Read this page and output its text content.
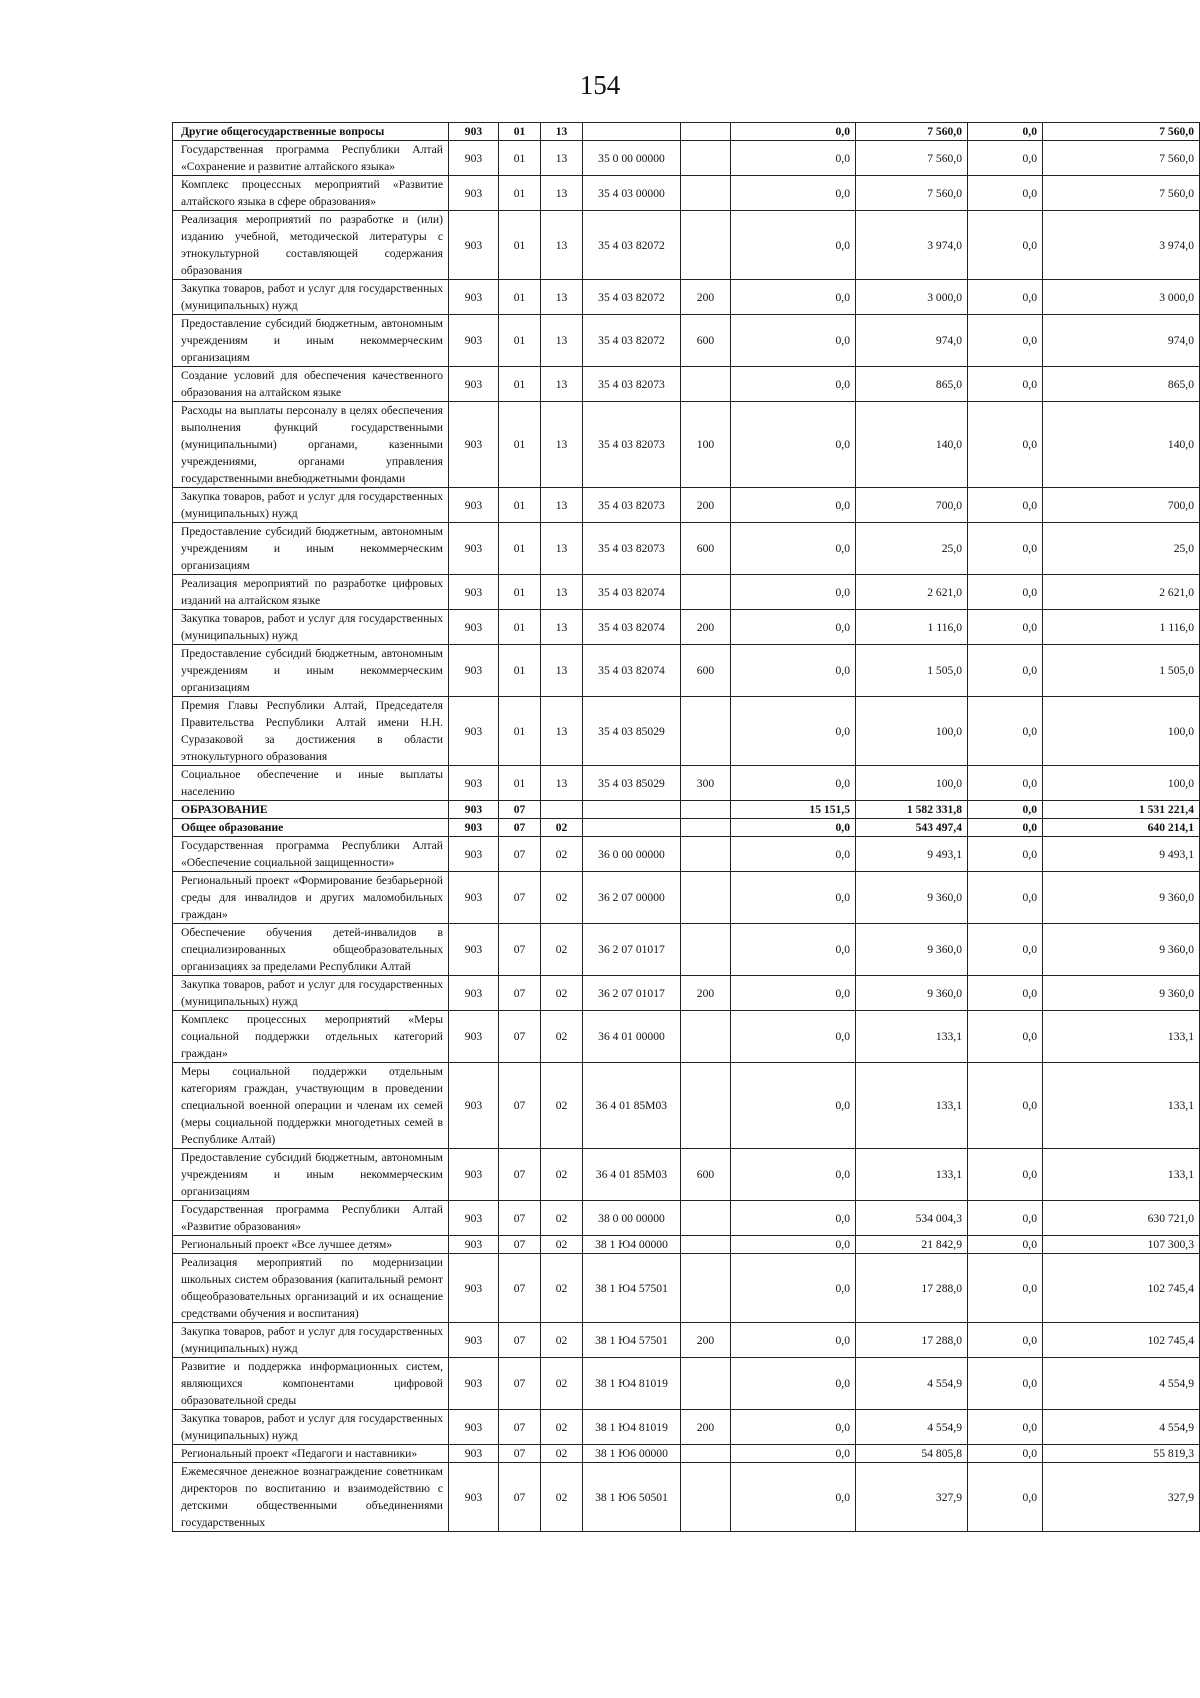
154
Другие общегосударственные вопросы	903	01	13			0,0	7 560,0	0,0	7 560,0
Государственная программа Республики Алтай «Сохранение и развитие алтайского языка»	903	01	13	35 0 00 00000		0,0	7 560,0	0,0	7 560,0
Комплекс процессных мероприятий «Развитие алтайского языка в сфере образования»	903	01	13	35 4 03 00000		0,0	7 560,0	0,0	7 560,0
Реализация мероприятий по разработке и (или) изданию учебной, методической литературы с этнокультурной составляющей содержания образования	903	01	13	35 4 03 82072		0,0	3 974,0	0,0	3 974,0
Закупка товаров, работ и услуг для государственных (муниципальных) нужд	903	01	13	35 4 03 82072	200	0,0	3 000,0	0,0	3 000,0
Предоставление субсидий бюджетным, автономным учреждениям и иным некоммерческим организациям	903	01	13	35 4 03 82072	600	0,0	974,0	0,0	974,0
Создание условий для обеспечения качественного образования на алтайском языке	903	01	13	35 4 03 82073		0,0	865,0	0,0	865,0
Расходы на выплаты персоналу в целях обеспечения выполнения функций государственными (муниципальными) органами, казенными учреждениями, органами управления государственными внебюджетными фондами	903	01	13	35 4 03 82073	100	0,0	140,0	0,0	140,0
Закупка товаров, работ и услуг для государственных (муниципальных) нужд	903	01	13	35 4 03 82073	200	0,0	700,0	0,0	700,0
Предоставление субсидий бюджетным, автономным учреждениям и иным некоммерческим организациям	903	01	13	35 4 03 82073	600	0,0	25,0	0,0	25,0
Реализация мероприятий по разработке цифровых изданий на алтайском языке	903	01	13	35 4 03 82074		0,0	2 621,0	0,0	2 621,0
Закупка товаров, работ и услуг для государственных (муниципальных) нужд	903	01	13	35 4 03 82074	200	0,0	1 116,0	0,0	1 116,0
Предоставление субсидий бюджетным, автономным учреждениям и иным некоммерческим организациям	903	01	13	35 4 03 82074	600	0,0	1 505,0	0,0	1 505,0
Премия Главы Республики Алтай, Председателя Правительства Республики Алтай имени Н.Н. Суразаковой за достижения в области этнокультурного образования	903	01	13	35 4 03 85029		0,0	100,0	0,0	100,0
Социальное обеспечение и иные выплаты населению	903	01	13	35 4 03 85029	300	0,0	100,0	0,0	100,0
ОБРАЗОВАНИЕ	903	07				15 151,5	1 582 331,8	0,0	1 531 221,4
Общее образование	903	07	02			0,0	543 497,4	0,0	640 214,1
Государственная программа Республики Алтай «Обеспечение социальной защищенности»	903	07	02	36 0 00 00000		0,0	9 493,1	0,0	9 493,1
Региональный проект «Формирование безбарьерной среды для инвалидов и других маломобильных граждан»	903	07	02	36 2 07 00000		0,0	9 360,0	0,0	9 360,0
Обеспечение обучения детей-инвалидов в специализированных общеобразовательных организациях за пределами Республики Алтай	903	07	02	36 2 07 01017		0,0	9 360,0	0,0	9 360,0
Закупка товаров, работ и услуг для государственных (муниципальных) нужд	903	07	02	36 2 07 01017	200	0,0	9 360,0	0,0	9 360,0
Комплекс процессных мероприятий «Меры социальной поддержки отдельных категорий граждан»	903	07	02	36 4 01 00000		0,0	133,1	0,0	133,1
Меры социальной поддержки отдельным категориям граждан, участвующим в проведении специальной военной операции и членам их семей (меры социальной поддержки многодетных семей в Республике Алтай)	903	07	02	36 4 01 85М03		0,0	133,1	0,0	133,1
Предоставление субсидий бюджетным, автономным учреждениям и иным некоммерческим организациям	903	07	02	36 4 01 85М03	600	0,0	133,1	0,0	133,1
Государственная программа Республики Алтай «Развитие образования»	903	07	02	38 0 00 00000		0,0	534 004,3	0,0	630 721,0
Региональный проект «Все лучшее детям»	903	07	02	38 1 Ю4 00000		0,0	21 842,9	0,0	107 300,3
Реализация мероприятий по модернизации школьных систем образования (капитальный ремонт общеобразовательных организаций и их оснащение средствами обучения и воспитания)	903	07	02	38 1 Ю4 57501		0,0	17 288,0	0,0	102 745,4
Закупка товаров, работ и услуг для государственных (муниципальных) нужд	903	07	02	38 1 Ю4 57501	200	0,0	17 288,0	0,0	102 745,4
Развитие и поддержка информационных систем, являющихся компонентами цифровой образовательной среды	903	07	02	38 1 Ю4 81019		0,0	4 554,9	0,0	4 554,9
Закупка товаров, работ и услуг для государственных (муниципальных) нужд	903	07	02	38 1 Ю4 81019	200	0,0	4 554,9	0,0	4 554,9
Региональный проект «Педагоги и наставники»	903	07	02	38 1 Ю6 00000		0,0	54 805,8	0,0	55 819,3
Ежемесячное денежное вознаграждение советникам директоров по воспитанию и взаимодействию с детскими общественными объединениями государственных	903	07	02	38 1 Ю6 50501		0,0	327,9	0,0	327,9
